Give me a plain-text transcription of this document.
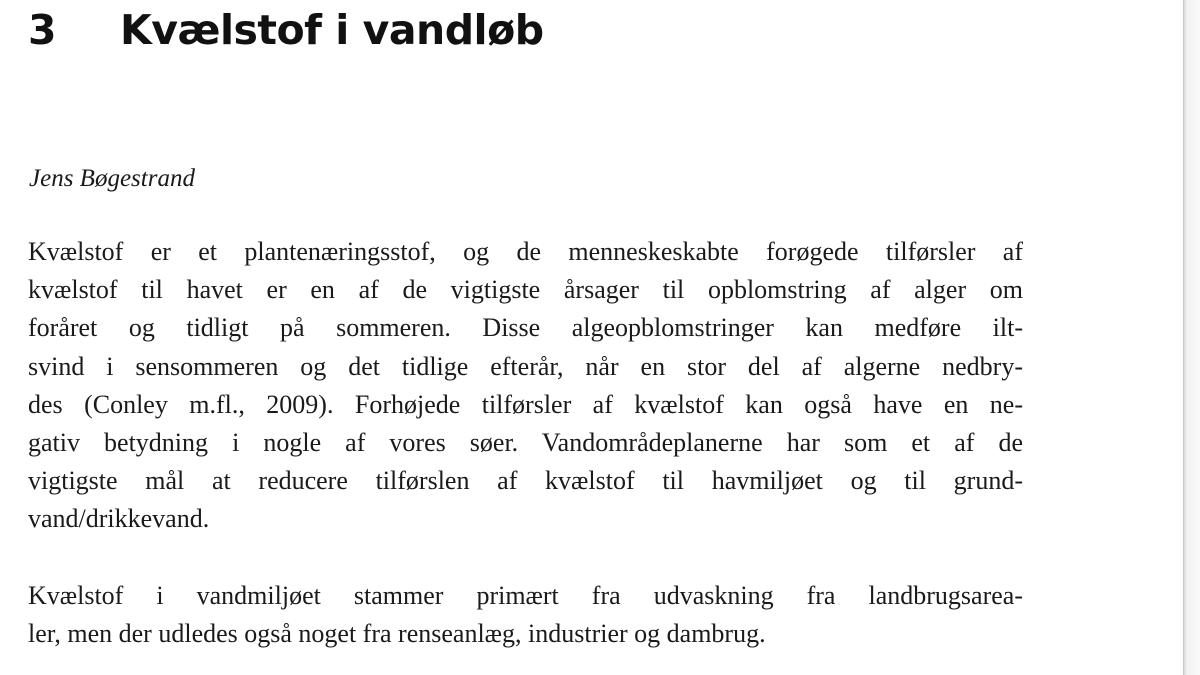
3 Kvælstof i vandløb

Jens Bøgestrand

Kvælstof er et plantenæringsstof, og de menneskeskabte forøgede tilførsler af
kvælstof til havet er en af de vigtigste årsager til opblomstring af alger om
foråret og tidligt på sommeren. Disse algeopblomstringer kan medføre ilt-
svind i sensommeren og det tidlige efterår, når en stor del af algerne nedbry-
des (Conley m.fl., 2009). Forhøjede tilførsler af kvælstof kan også have en ne-
gativ betydning i nogle af vores søer. Vandområdeplanerne har som et af de
vigtigste mål at reducere tilførslen af kvælstof til havmiljøet og til grund-
vand/drikkevand.

Kvælstof i vandmiljøet stammer primært fra udvaskning fra landbrugsarea-
ler, men der udledes også noget fra renseanlæg, industrier og dambrug.
